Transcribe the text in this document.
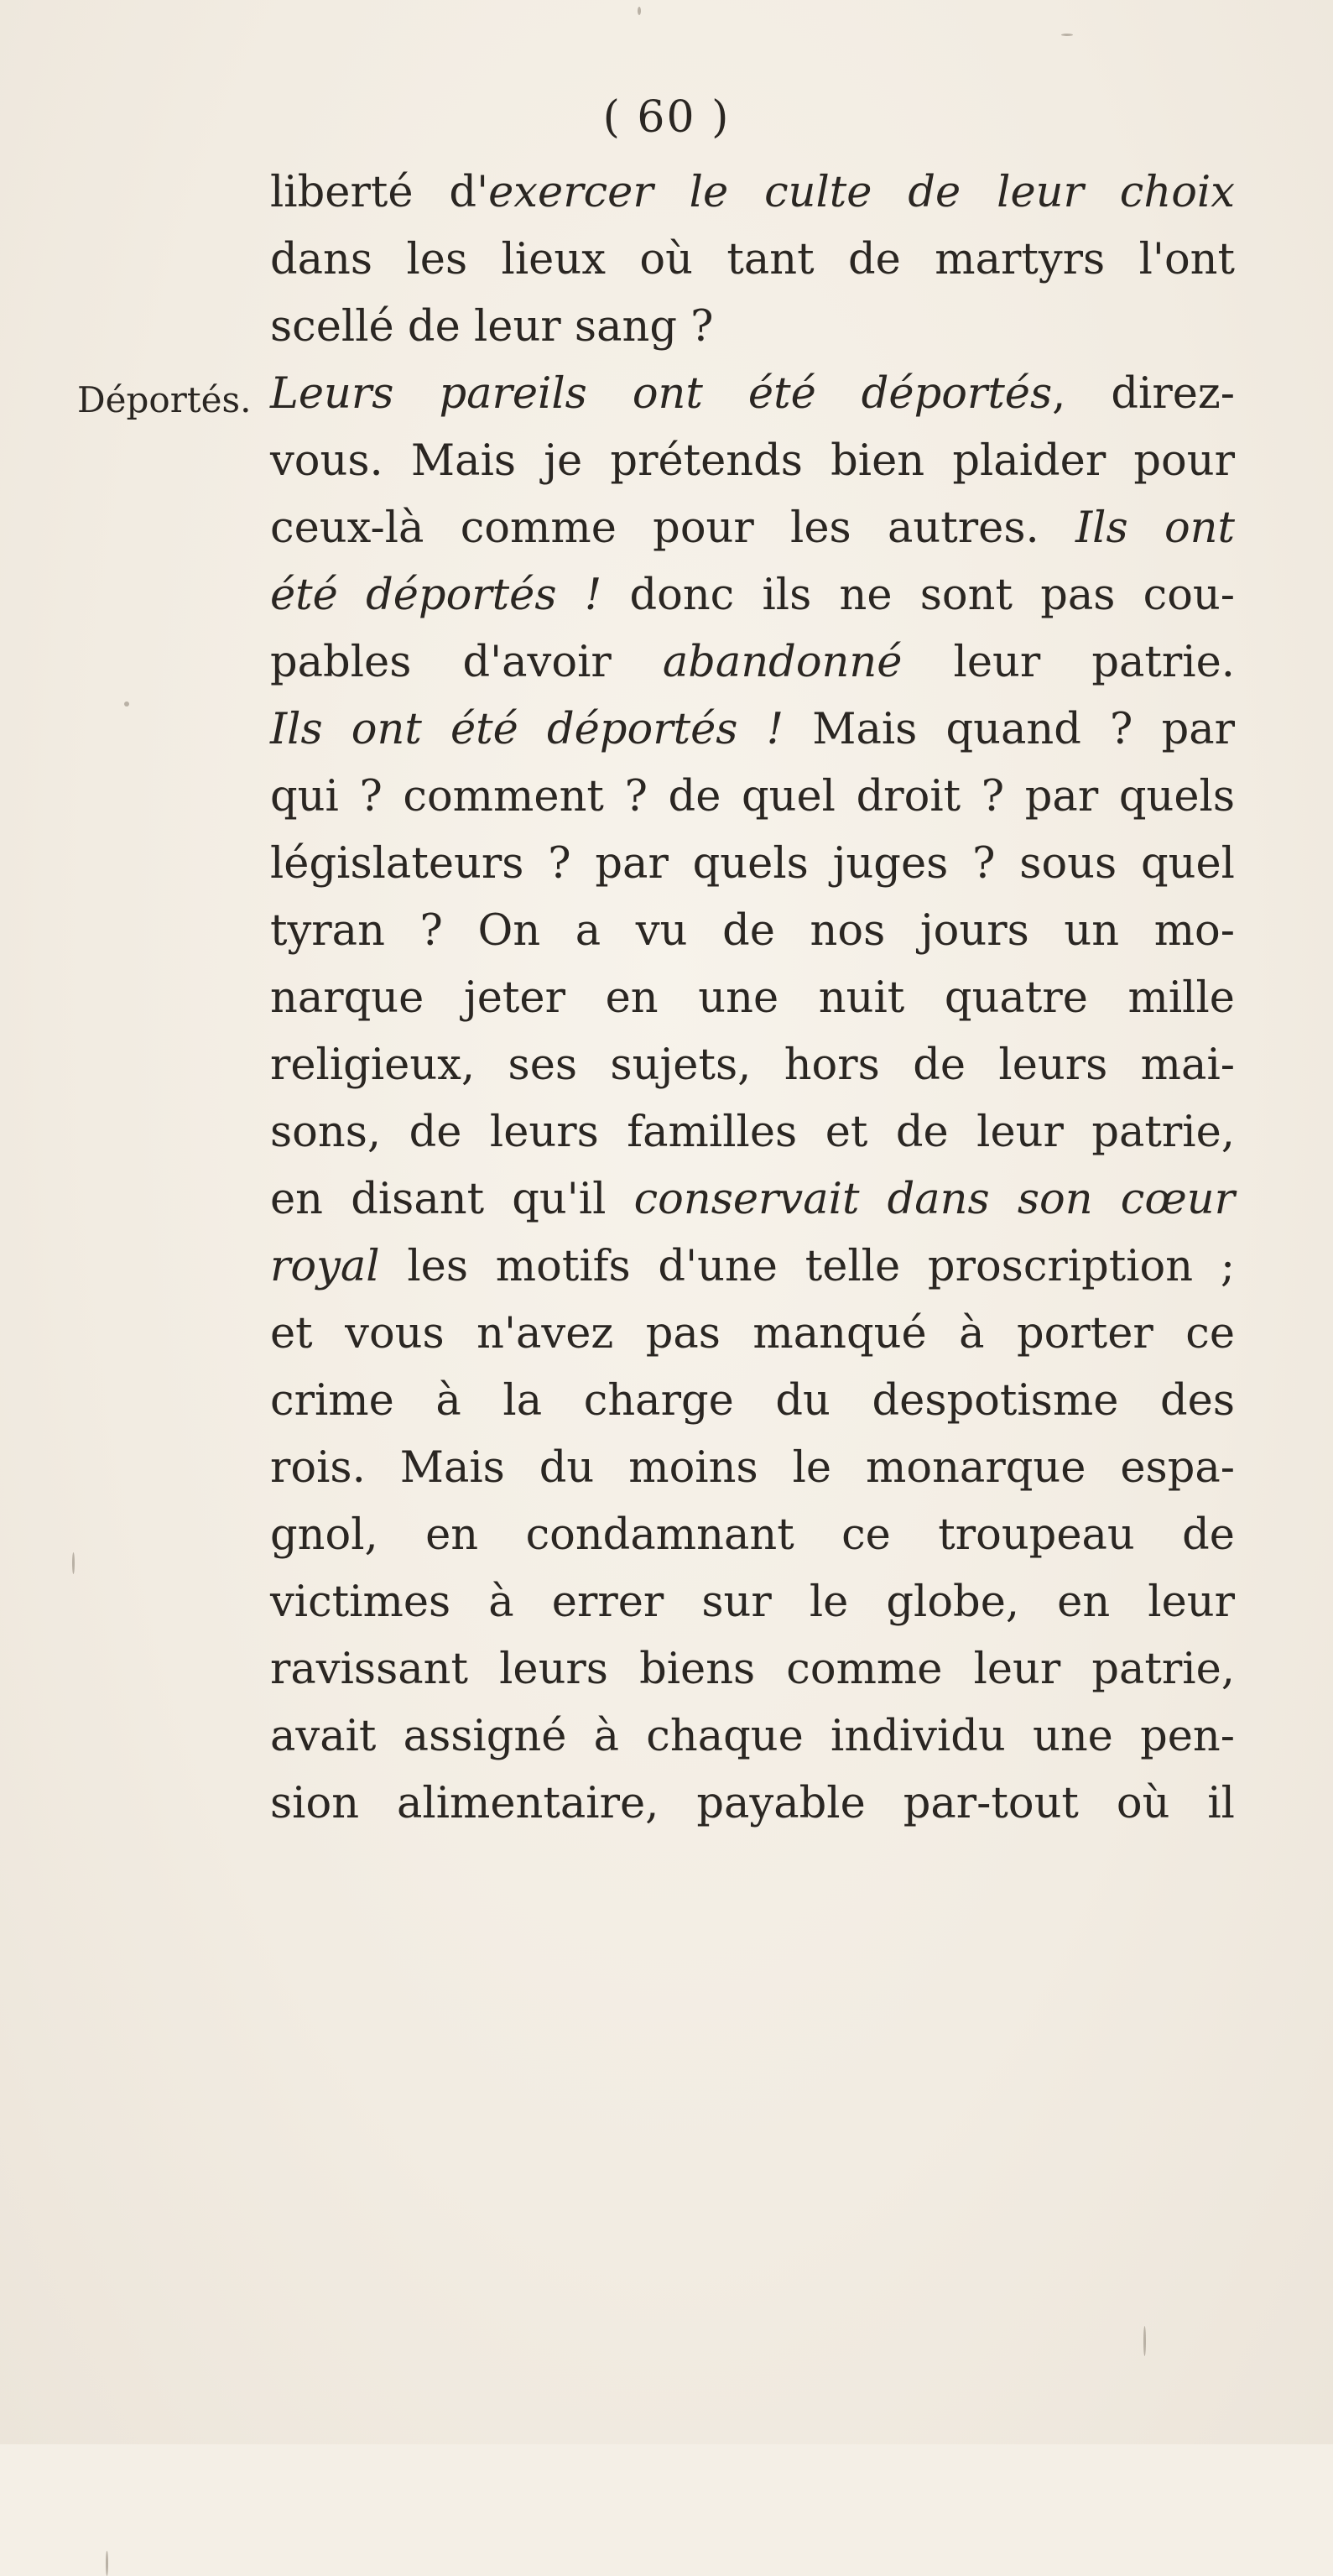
( 60 )
Déportés.
liberté d'exercer le culte de leur choix
dans les lieux où tant de martyrs l'ont
scellé de leur sang ?
Leurs pareils ont été déportés, direz-
vous. Mais je prétends bien plaider pour
ceux-là comme pour les autres. Ils ont
été déportés ! donc ils ne sont pas cou-
pables d'avoir abandonné leur patrie.
Ils ont été déportés ! Mais quand ? par
qui ? comment ? de quel droit ? par quels
législateurs ? par quels juges ? sous quel
tyran ? On a vu de nos jours un mo-
narque jeter en une nuit quatre mille
religieux, ses sujets, hors de leurs mai-
sons, de leurs familles et de leur patrie,
en disant qu'il conservait dans son cœur
royal les motifs d'une telle proscription ;
et vous n'avez pas manqué à porter ce
crime à la charge du despotisme des
rois. Mais du moins le monarque espa-
gnol, en condamnant ce troupeau de
victimes à errer sur le globe, en leur
ravissant leurs biens comme leur patrie,
avait assigné à chaque individu une pen-
sion alimentaire, payable par-tout où il
